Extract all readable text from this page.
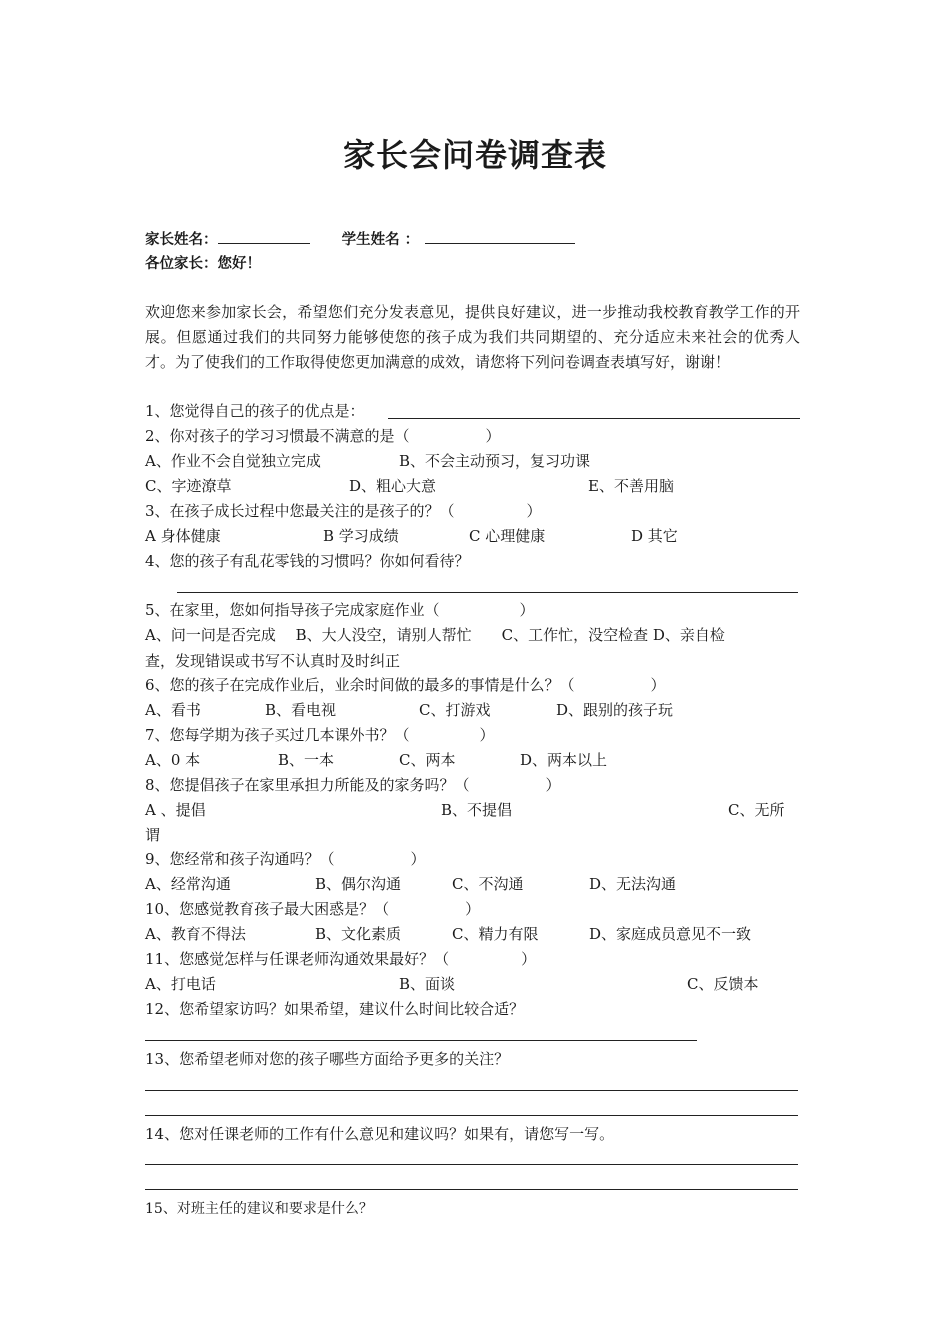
家长会问卷调查表
家长姓名：	学生姓名 ：
各位家长：您好！
欢迎您来参加家长会，希望您们充分发表意见，提供良好建议，进一步推动我校教育教学工作的开展。但愿通过我们的共同努力能够使您的孩子成为我们共同期望的、充分适应未来社会的优秀人才。为了使我们的工作取得使您更加满意的成效，请您将下列问卷调查表填写好，谢谢！
1、您觉得自己的孩子的优点是：
2、你对孩子的学习习惯最不满意的是（	）
A、作业不会自觉独立完成	B、不会主动预习，复习功课
C、字迹潦草	D、粗心大意	E、不善用脑
3、在孩子成长过程中您最关注的是孩子的？（	）
A 身体健康	B 学习成绩	C 心理健康	D 其它
4、您的孩子有乱花零钱的习惯吗？你如何看待？
5、在家里，您如何指导孩子完成家庭作业（	）
A、问一问是否完成　 B、大人没空，请别人帮忙　　C、工作忙，没空检查 D、亲自检
查，发现错误或书写不认真时及时纠正
6、您的孩子在完成作业后，业余时间做的最多的事情是什么？（	）
A、看书	B、看电视	C、打游戏	D、跟别的孩子玩
7、您每学期为孩子买过几本课外书？（	）
A、0 本	B、一本	C、两本	D、两本以上
8、您提倡孩子在家里承担力所能及的家务吗？（	）
A 、提倡	B、不提倡	C、无所
谓
9、您经常和孩子沟通吗？（	）
A、经常沟通	B、偶尔沟通	C、不沟通	D、无法沟通
10、您感觉教育孩子最大困惑是？（	）
A、教育不得法	B、文化素质	C、精力有限	D、家庭成员意见不一致
11、您感觉怎样与任课老师沟通效果最好？（	）
12、您希望家访吗？如果希望，建议什么时间比较合适？
13、您希望老师对您的孩子哪些方面给予更多的关注？
14、您对任课老师的工作有什么意见和建议吗？如果有，请您写一写。
15、对班主任的建议和要求是什么？
A、打电话	B、面谈	C、反馈本
